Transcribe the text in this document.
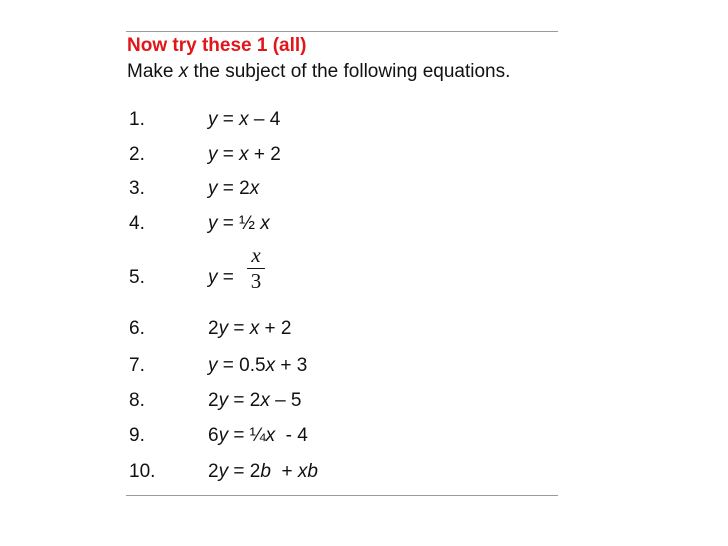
Now try these 1 (all)
Make x the subject of the following equations.
1.	y = x – 4
2.	y = x + 2
3.	y = 2x
4.	y = ½ x
5.	y =
x
3
6.	2y = x + 2
7.	y = 0.5x + 3
8.	2y = 2x – 5
9.	6y = ¼x  - 4
10.	2y = 2b  + xb
